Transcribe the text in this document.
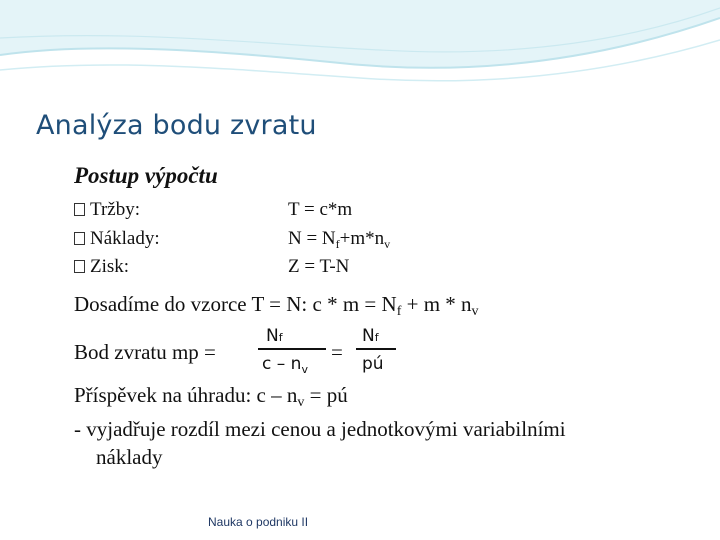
Analýza bodu zvratu
Postup výpočtu
Tržby:
Náklady:
Zisk:
T = c*m
$N = N_f+m*n_v$
Z = T-N
Dosadíme do vzorce T = N: $c * m = N_f + m * n_v$
Bod zvratu mp =
Nf
c – $n_v$
=
Nf
pú
Příspěvek na úhradu: c – $n_v$ = pú
- vyjadřuje rozdíl mezi cenou a jednotkovými variabilními
náklady
Nauka o podniku II
